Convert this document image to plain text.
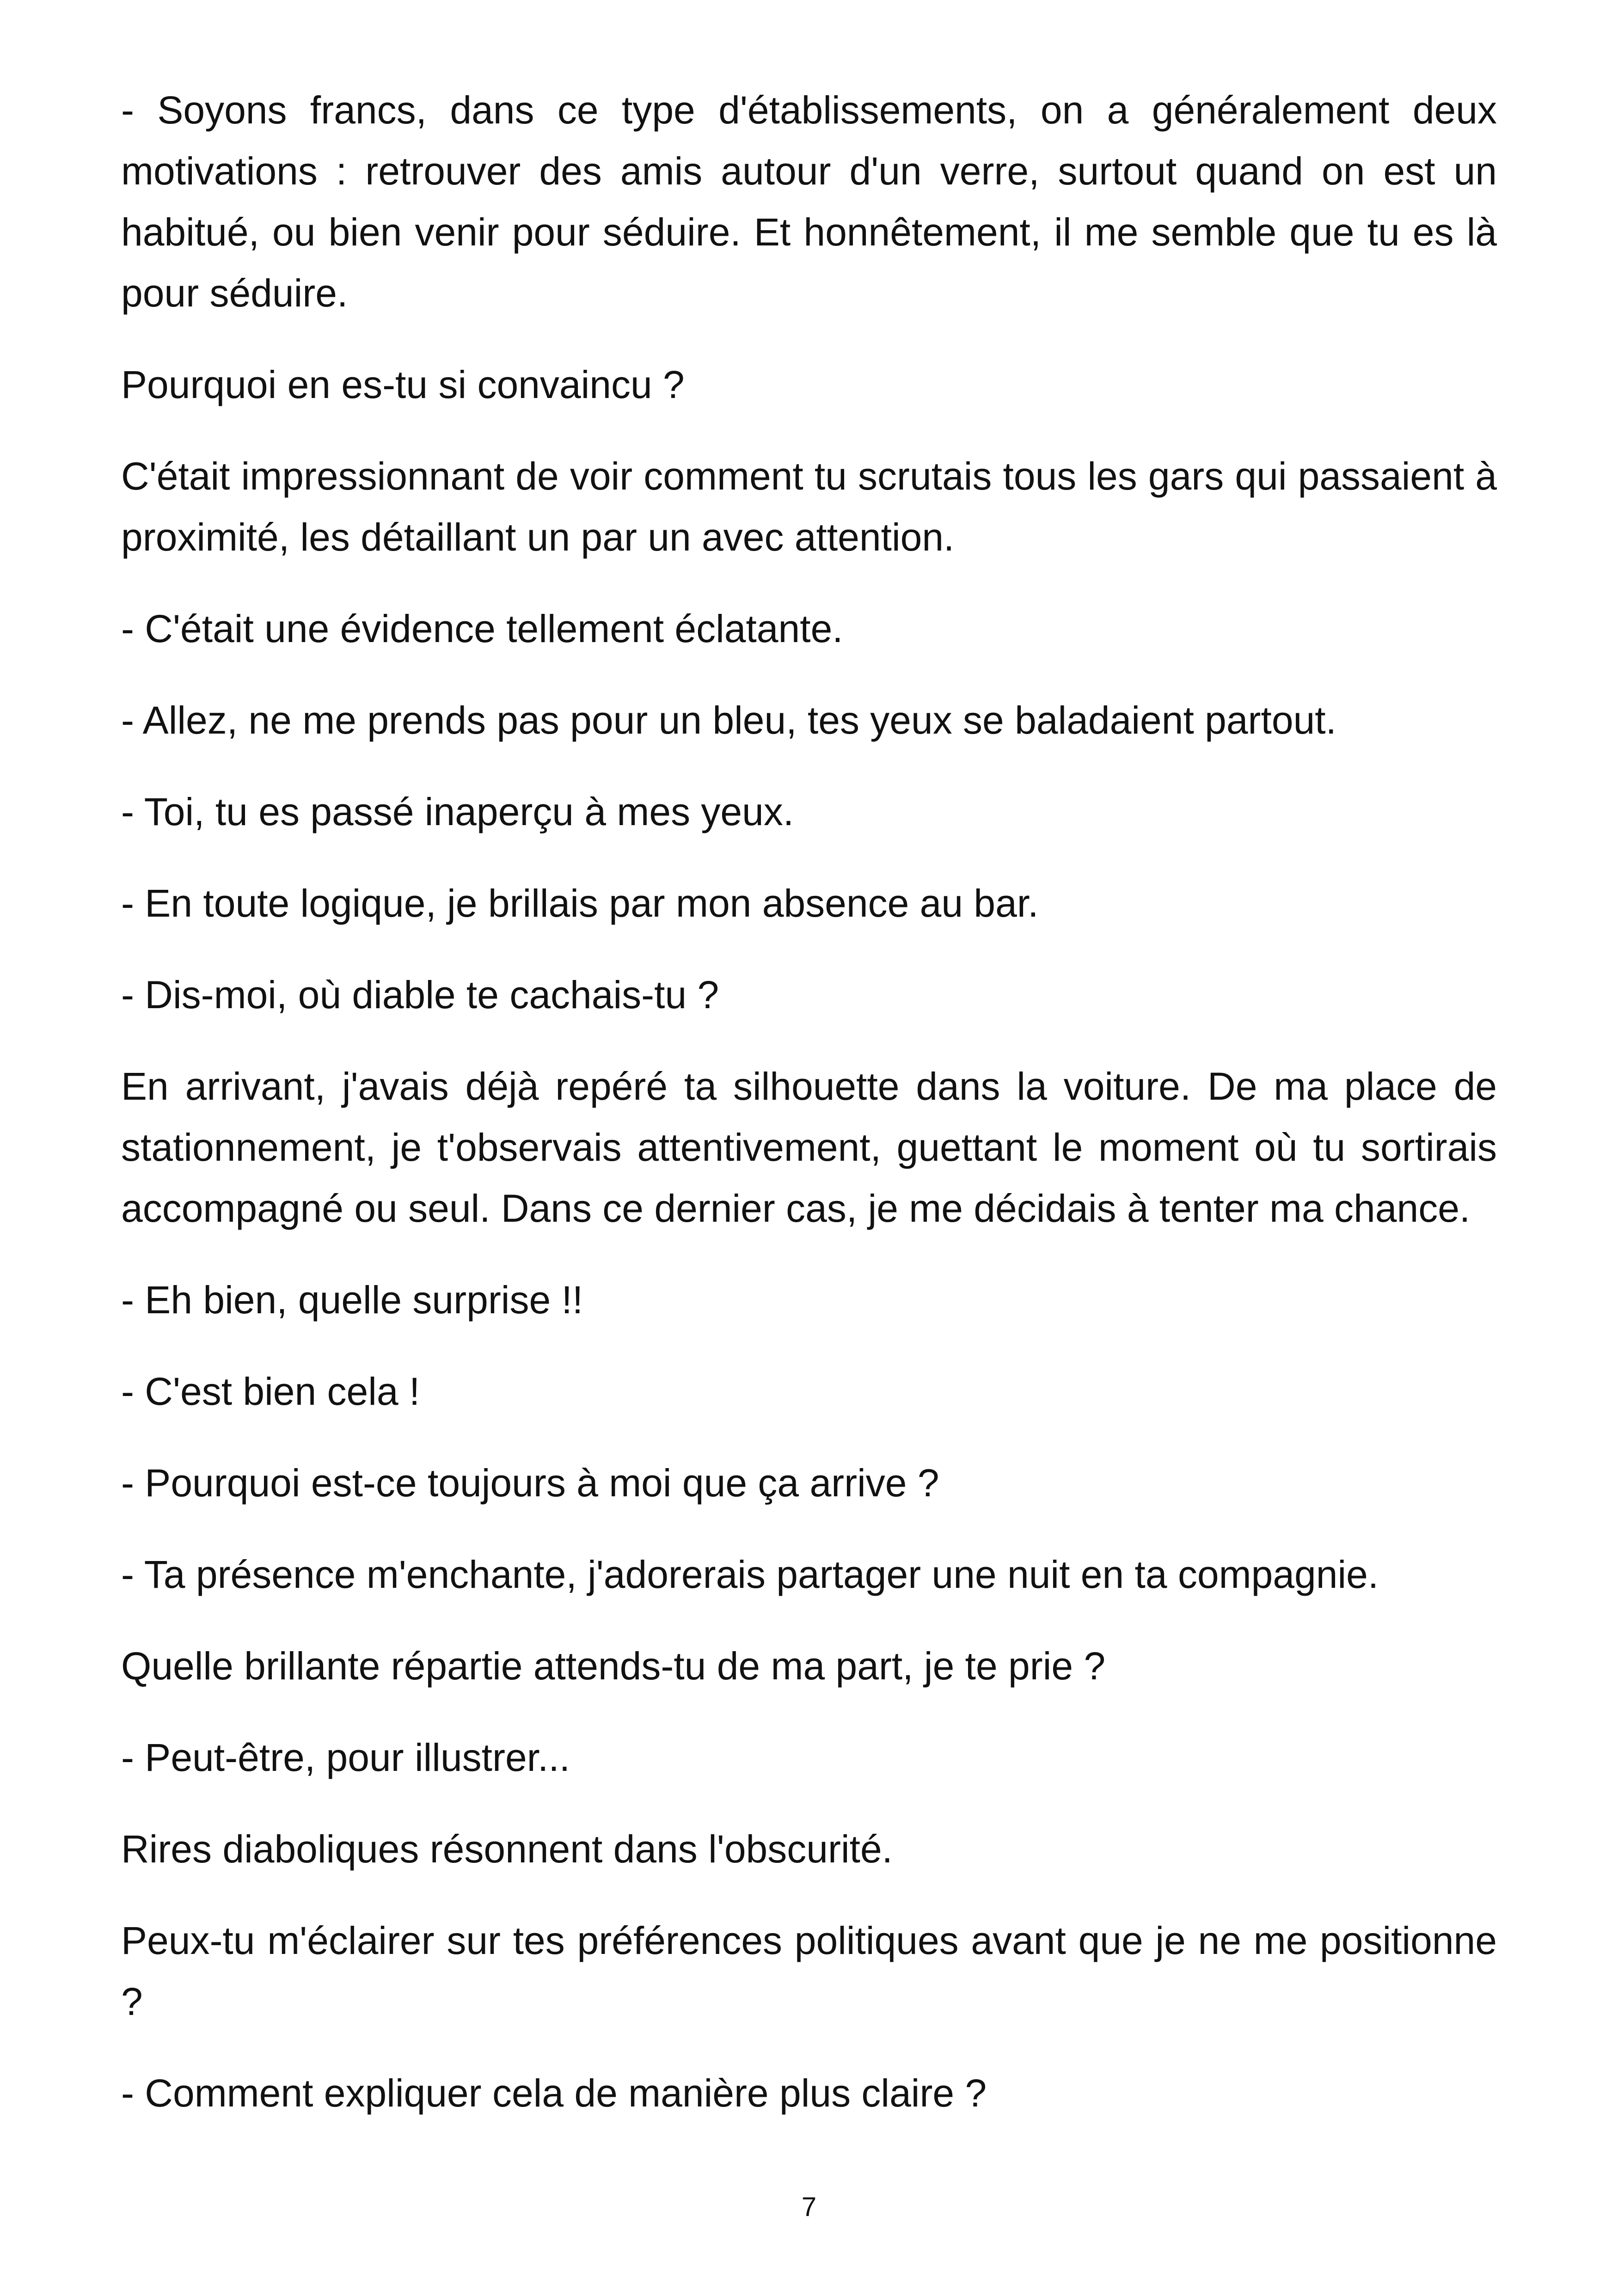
- Soyons francs, dans ce type d'établissements, on a généralement deux motivations : retrouver des amis autour d'un verre, surtout quand on est un habitué, ou bien venir pour séduire. Et honnêtement, il me semble que tu es là pour séduire.

Pourquoi en es-tu si convaincu ?

C'était impressionnant de voir comment tu scrutais tous les gars qui passaient à proximité, les détaillant un par un avec attention.

- C'était une évidence tellement éclatante.

- Allez, ne me prends pas pour un bleu, tes yeux se baladaient partout.

- Toi, tu es passé inaperçu à mes yeux.

- En toute logique, je brillais par mon absence au bar.

- Dis-moi, où diable te cachais-tu ?

En arrivant, j'avais déjà repéré ta silhouette dans la voiture. De ma place de stationnement, je t'observais attentivement, guettant le moment où tu sortirais accompagné ou seul. Dans ce dernier cas, je me décidais à tenter ma chance.

- Eh bien, quelle surprise !!

- C'est bien cela !

- Pourquoi est-ce toujours à moi que ça arrive ?

- Ta présence m'enchante, j'adorerais partager une nuit en ta compagnie.

Quelle brillante répartie attends-tu de ma part, je te prie ?

- Peut-être, pour illustrer...

Rires diaboliques résonnent dans l'obscurité.

Peux-tu m'éclairer sur tes préférences politiques avant que je ne me positionne ?

- Comment expliquer cela de manière plus claire ?

7
